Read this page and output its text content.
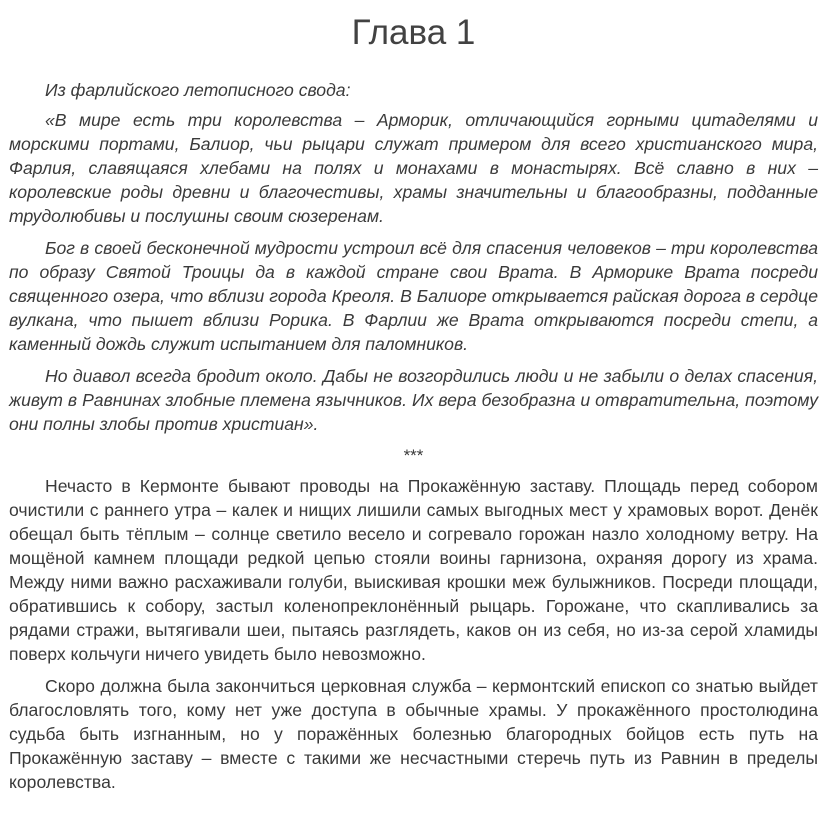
Глава 1

Из фарлийского летописного свода:

«В мире есть три королевства – Арморик, отличающийся горными цитаделями и морскими портами, Балиор, чьи рыцари служат примером для всего христианского мира, Фарлия, славящаяся хлебами на полях и монахами в монастырях. Всё славно в них – королевские роды древни и благочестивы, храмы значительны и благообразны, подданные трудолюбивы и послушны своим сюзеренам.

Бог в своей бесконечной мудрости устроил всё для спасения человеков – три королевства по образу Святой Троицы да в каждой стране свои Врата. В Арморике Врата посреди священного озера, что вблизи города Креоля. В Балиоре открывается райская дорога в сердце вулкана, что пышет вблизи Рорика. В Фарлии же Врата открываются посреди степи, а каменный дождь служит испытанием для паломников.

Но диавол всегда бродит около. Дабы не возгордились люди и не забыли о делах спасения, живут в Равнинах злобные племена язычников. Их вера безобразна и отвратительна, поэтому они полны злобы против христиан».

***

Нечасто в Кермонте бывают проводы на Прокажённую заставу. Площадь перед собором очистили с раннего утра – калек и нищих лишили самых выгодных мест у храмовых ворот. Денёк обещал быть тёплым – солнце светило весело и согревало горожан назло холодному ветру. На мощёной камнем площади редкой цепью стояли воины гарнизона, охраняя дорогу из храма. Между ними важно расхаживали голуби, выискивая крошки меж булыжников. Посреди площади, обратившись к собору, застыл коленопреклонённый рыцарь. Горожане, что скапливались за рядами стражи, вытягивали шеи, пытаясь разглядеть, каков он из себя, но из-за серой хламиды поверх кольчуги ничего увидеть было невозможно.

Скоро должна была закончиться церковная служба – кермонтский епископ со знатью выйдет благословлять того, кому нет уже доступа в обычные храмы. У прокажённого простолюдина судьба быть изгнанным, но у поражённых болезнью благородных бойцов есть путь на Прокажённую заставу – вместе с такими же несчастными стеречь путь из Равнин в пределы королевства.
